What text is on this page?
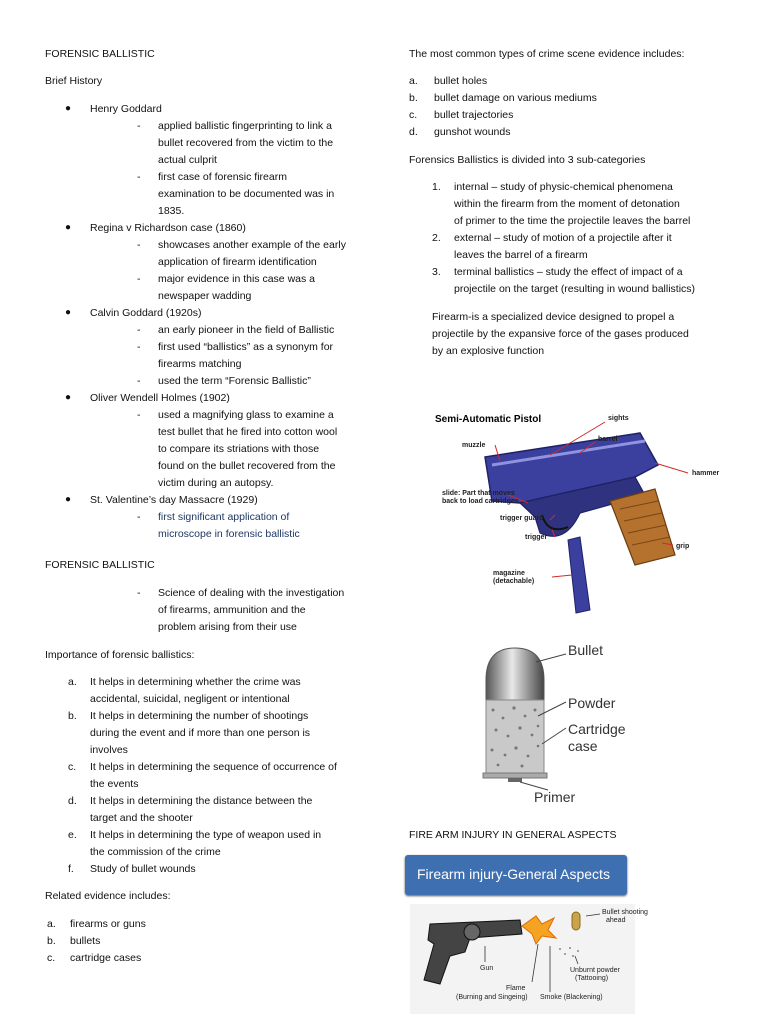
FORENSIC BALLISTIC
Brief History
● Henry Goddard
- applied ballistic fingerprinting to link a
bullet recovered from the victim to the
actual culprit
- first case of forensic firearm
examination to be documented was in
1835.
● Regina v Richardson case (1860)
- showcases another example of the early
application of firearm identification
- major evidence in this case was a
newspaper wadding
● Calvin Goddard (1920s)
- an early pioneer in the field of Ballistic
- first used “ballistics” as a synonym for
firearms matching
- used the term “Forensic Ballistic”
● Oliver Wendell Holmes (1902)
- used a magnifying glass to examine a
test bullet that he fired into cotton wool
to compare its striations with those
found on the bullet recovered from the
victim during an autopsy.
● St. Valentine’s day Massacre (1929)
- first significant application of
microscope in forensic ballistic
FORENSIC BALLISTIC
- Science of dealing with the investigation
of firearms, ammunition and the
problem arising from their use
Importance of forensic ballistics:
a. It helps in determining whether the crime was
accidental, suicidal, negligent or intentional
b. It helps in determining the number of shootings
during the event and if more than one person is
involves
c. It helps in determining the sequence of occurrence of
the events
d. It helps in determining the distance between the
target and the shooter
e. It helps in determining the type of weapon used in
the commission of the crime
f. Study of bullet wounds
Related evidence includes:
a. firearms or guns
b. bullets
c. cartridge cases
The most common types of crime scene evidence includes:
a. bullet holes
b. bullet damage on various mediums
c. bullet trajectories
d. gunshot wounds
Forensics Ballistics is divided into 3 sub-categories
1. internal – study of physic-chemical phenomena
within the firearm from the moment of detonation
of primer to the time the projectile leaves the barrel
2. external – study of motion of a projectile after it
leaves the barrel of a firearm
3. terminal ballistics – study the effect of impact of a
projectile on the target (resulting in wound ballistics)
Firearm-is a specialized device designed to propel a
projectile by the expansive force of the gases produced
by an explosive function
Semi-Automatic Pistol	sights
barrel
muzzle
hammer
slide: Part that moves
back to load cartridges
trigger guard
trigger
grip
magazine
(detachable)
Bullet
Powder
Cartridge
case
Primer
FIRE ARM INJURY IN GENERAL ASPECTS
Firearm injury-General Aspects
Bullet shooting
ahead
Gun	Unburnt powder
(Tattooing)
Flame
(Burning and Singeing) Smoke (Blackening)
